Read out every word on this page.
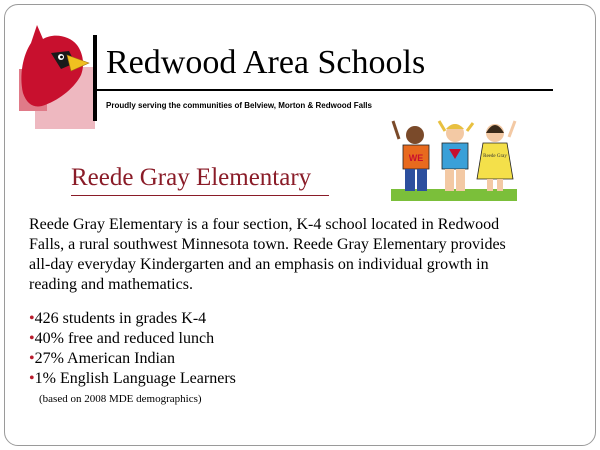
Redwood Area Schools
Proudly serving the communities of Belview, Morton & Redwood Falls
WE	Reede Gray
Reede Gray Elementary
Reede Gray Elementary is a four section, K-4 school located in Redwood Falls, a rural southwest Minnesota town. Reede Gray Elementary provides all-day everyday Kindergarten and an emphasis on individual growth in reading and mathematics.
•426 students in grades K-4
•40% free and reduced lunch
•27% American Indian
•1% English Language Learners
(based on 2008 MDE demographics)
